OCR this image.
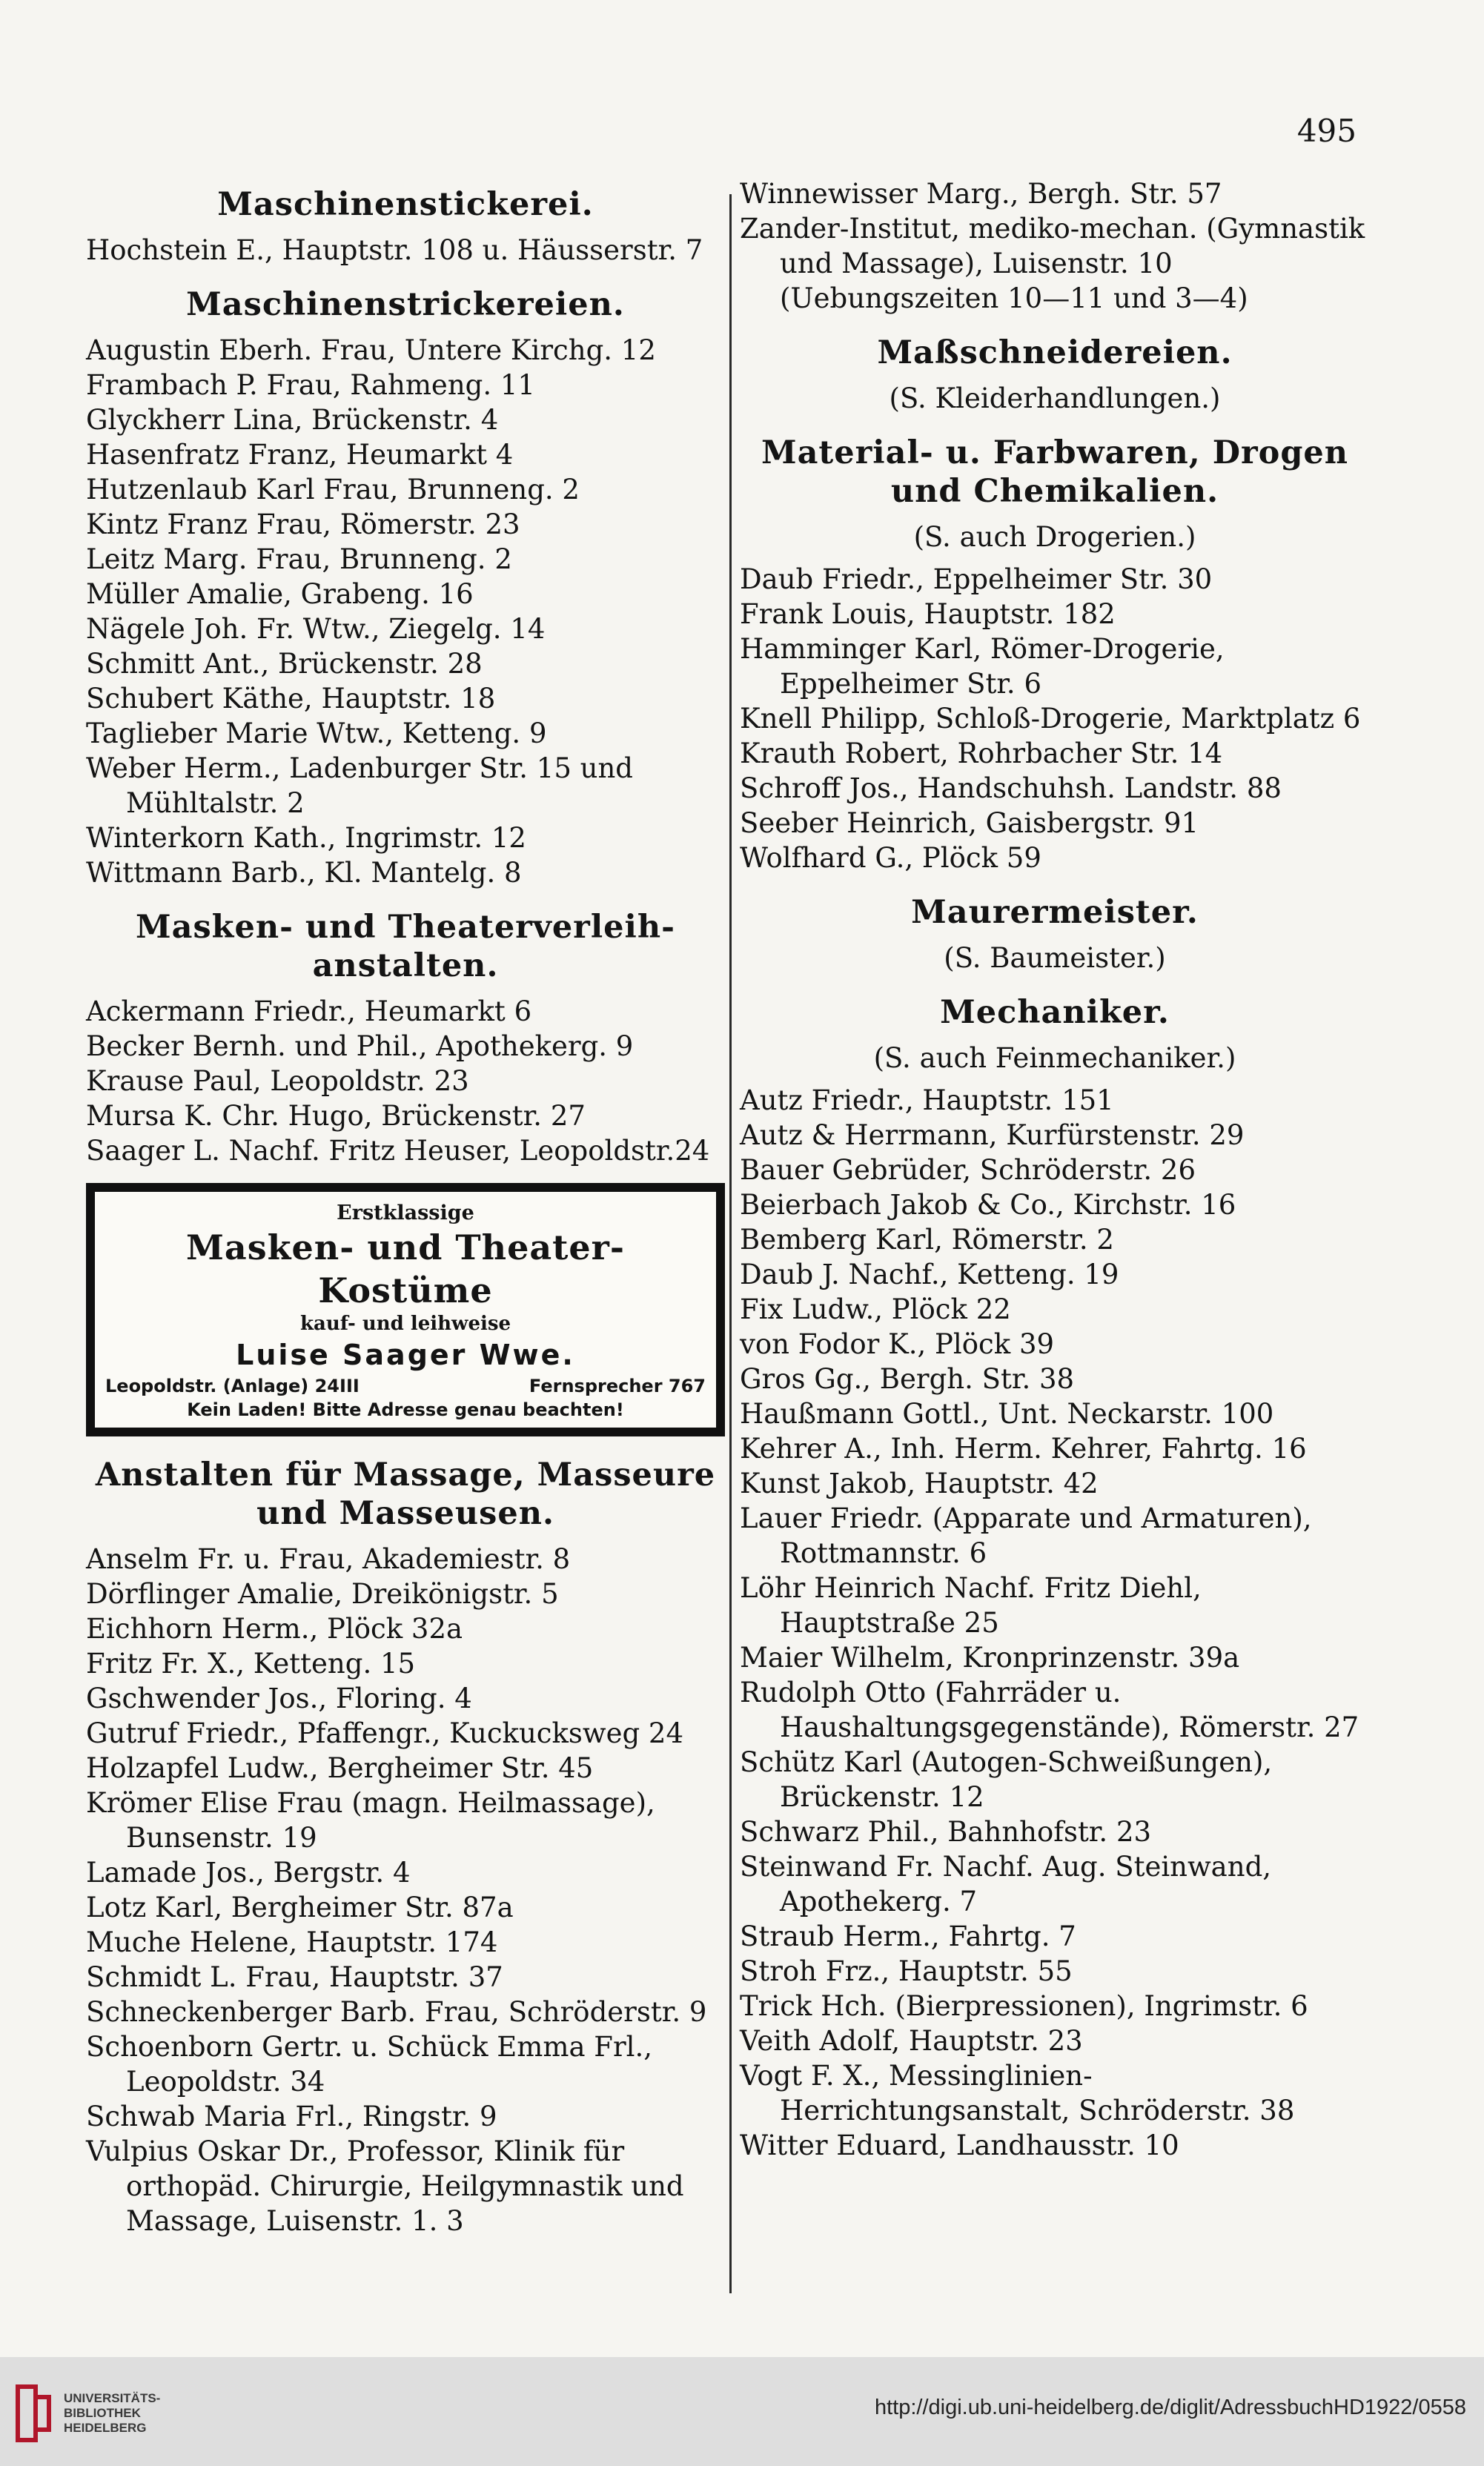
495
Maschinenstickerei.
Hochstein E., Hauptstr. 108 u. Häusserstr. 7
Maschinenstrickereien.
Augustin Eberh. Frau, Untere Kirchg. 12
Frambach P. Frau, Rahmeng. 11
Glyckherr Lina, Brückenstr. 4
Hasenfratz Franz, Heumarkt 4
Hutzenlaub Karl Frau, Brunneng. 2
Kintz Franz Frau, Römerstr. 23
Leitz Marg. Frau, Brunneng. 2
Müller Amalie, Grabeng. 16
Nägele Joh. Fr. Wtw., Ziegelg. 14
Schmitt Ant., Brückenstr. 28
Schubert Käthe, Hauptstr. 18
Taglieber Marie Wtw., Ketteng. 9
Weber Herm., Ladenburger Str. 15 und Mühltalstr. 2
Winterkorn Kath., Ingrimstr. 12
Wittmann Barb., Kl. Mantelg. 8
Masken- und Theaterverleih-anstalten.
Ackermann Friedr., Heumarkt 6
Becker Bernh. und Phil., Apothekerg. 9
Krause Paul, Leopoldstr. 23
Mursa K. Chr. Hugo, Brückenstr. 27
Saager L. Nachf. Fritz Heuser, Leopoldstr.24
Erstklassige
Masken- und Theater-Kostüme
kauf- und leihweise
Luise Saager Wwe.
Leopoldstr. (Anlage) 24III	Fernsprecher 767
Kein Laden! Bitte Adresse genau beachten!
Anstalten für Massage, Masseure und Masseusen.
Anselm Fr. u. Frau, Akademiestr. 8
Dörflinger Amalie, Dreikönigstr. 5
Eichhorn Herm., Plöck 32a
Fritz Fr. X., Ketteng. 15
Gschwender Jos., Floring. 4
Gutruf Friedr., Pfaffengr., Kuckucksweg 24
Holzapfel Ludw., Bergheimer Str. 45
Krömer Elise Frau (magn. Heilmassage), Bunsenstr. 19
Lamade Jos., Bergstr. 4
Lotz Karl, Bergheimer Str. 87a
Muche Helene, Hauptstr. 174
Schmidt L. Frau, Hauptstr. 37
Schneckenberger Barb. Frau, Schröderstr. 9
Schoenborn Gertr. u. Schück Emma Frl., Leopoldstr. 34
Schwab Maria Frl., Ringstr. 9
Vulpius Oskar Dr., Professor, Klinik für orthopäd. Chirurgie, Heilgymnastik und Massage, Luisenstr. 1. 3
Winnewisser Marg., Bergh. Str. 57
Zander-Institut, mediko-mechan. (Gymnastik und Massage), Luisenstr. 10 (Uebungszeiten 10—11 und 3—4)
Maßschneidereien.
(S. Kleiderhandlungen.)
Material- u. Farbwaren, Drogen und Chemikalien.
(S. auch Drogerien.)
Daub Friedr., Eppelheimer Str. 30
Frank Louis, Hauptstr. 182
Hamminger Karl, Römer-Drogerie, Eppelheimer Str. 6
Knell Philipp, Schloß-Drogerie, Marktplatz 6
Krauth Robert, Rohrbacher Str. 14
Schroff Jos., Handschuhsh. Landstr. 88
Seeber Heinrich, Gaisbergstr. 91
Wolfhard G., Plöck 59
Maurermeister.
(S. Baumeister.)
Mechaniker.
(S. auch Feinmechaniker.)
Autz Friedr., Hauptstr. 151
Autz & Herrmann, Kurfürstenstr. 29
Bauer Gebrüder, Schröderstr. 26
Beierbach Jakob & Co., Kirchstr. 16
Bemberg Karl, Römerstr. 2
Daub J. Nachf., Ketteng. 19
Fix Ludw., Plöck 22
von Fodor K., Plöck 39
Gros Gg., Bergh. Str. 38
Haußmann Gottl., Unt. Neckarstr. 100
Kehrer A., Inh. Herm. Kehrer, Fahrtg. 16
Kunst Jakob, Hauptstr. 42
Lauer Friedr. (Apparate und Armaturen), Rottmannstr. 6
Löhr Heinrich Nachf. Fritz Diehl, Hauptstraße 25
Maier Wilhelm, Kronprinzenstr. 39a
Rudolph Otto (Fahrräder u. Haushaltungsgegenstände), Römerstr. 27
Schütz Karl (Autogen-Schweißungen), Brückenstr. 12
Schwarz Phil., Bahnhofstr. 23
Steinwand Fr. Nachf. Aug. Steinwand, Apothekerg. 7
Straub Herm., Fahrtg. 7
Stroh Frz., Hauptstr. 55
Trick Hch. (Bierpressionen), Ingrimstr. 6
Veith Adolf, Hauptstr. 23
Vogt F. X., Messinglinien-Herrichtungsanstalt, Schröderstr. 38
Witter Eduard, Landhausstr. 10
UNIVERSITÄTS-
BIBLIOTHEK
HEIDELBERG
http://digi.ub.uni-heidelberg.de/diglit/AdressbuchHD1922/0558
